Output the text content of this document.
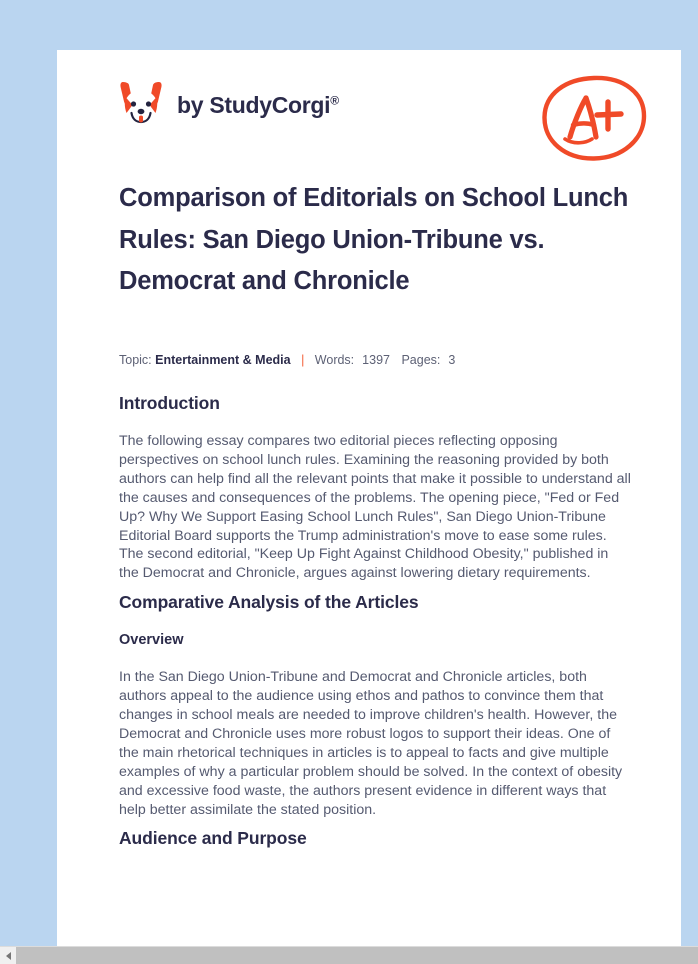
by StudyCorgi®
Comparison of Editorials on School Lunch Rules: San Diego Union-Tribune vs. Democrat and Chronicle
Topic: Entertainment & Media | Words: 1397 Pages: 3
Introduction

The following essay compares two editorial pieces reflecting opposing perspectives on school lunch rules. Examining the reasoning provided by both authors can help find all the relevant points that make it possible to understand all the causes and consequences of the problems. The opening piece, "Fed or Fed Up? Why We Support Easing School Lunch Rules", San Diego Union-Tribune Editorial Board supports the Trump administration's move to ease some rules. The second editorial, "Keep Up Fight Against Childhood Obesity," published in the Democrat and Chronicle, argues against lowering dietary requirements.

Comparative Analysis of the Articles
Overview

In the San Diego Union-Tribune and Democrat and Chronicle articles, both authors appeal to the audience using ethos and pathos to convince them that changes in school meals are needed to improve children's health. However, the Democrat and Chronicle uses more robust logos to support their ideas. One of the main rhetorical techniques in articles is to appeal to facts and give multiple examples of why a particular problem should be solved. In the context of obesity and excessive food waste, the authors present evidence in different ways that help better assimilate the stated position.

Audience and Purpose
